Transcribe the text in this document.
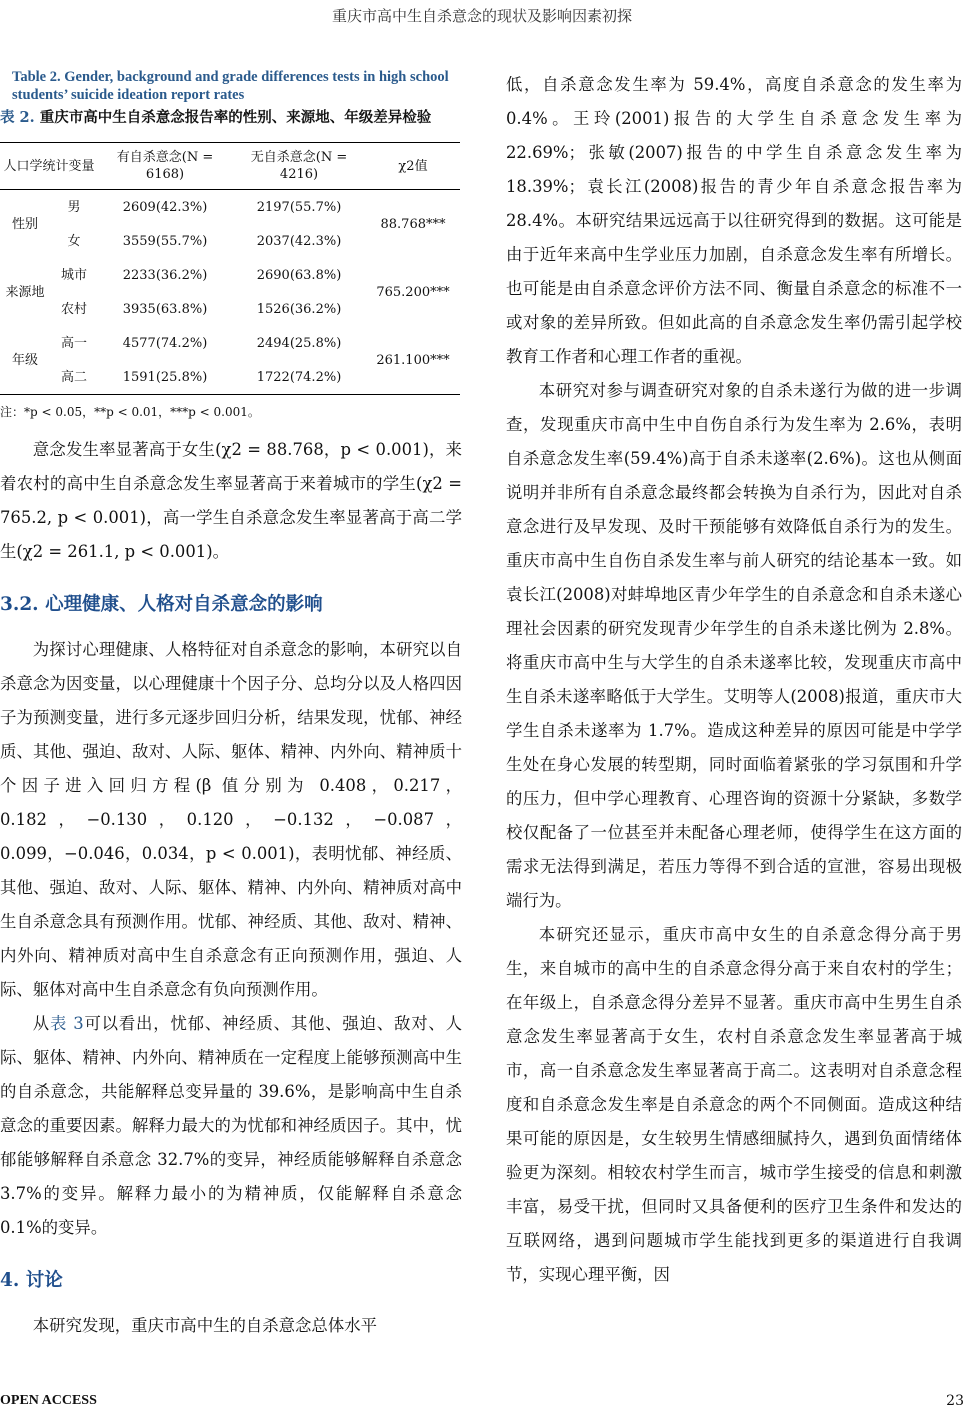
重庆市高中生自杀意念的现状及影响因素初探
Table 2. Gender, background and grade differences tests in high school students’ suicide ideation report rates
表 2. 重庆市高中生自杀意念报告率的性别、来源地、年级差异检验
人口学统计变量		有自杀意念(N = 6168)	无自杀意念(N = 4216)	χ2值
性别	男	2609(42.3%)	2197(55.7%)	88.768***
	女	3559(55.7%)	2037(42.3%)	
来源地	城市	2233(36.2%)	2690(63.8%)	765.200***
	农村	3935(63.8%)	1526(36.2%)	
年级	高一	4577(74.2%)	2494(25.8%)	261.100***
	高二	1591(25.8%)	1722(74.2%)	
注：*p < 0.05，**p < 0.01，***p < 0.001。

意念发生率显著高于女生(χ2 = 88.768，p < 0.001)，来着农村的高中生自杀意念发生率显著高于来着城市的学生(χ2 = 765.2, p < 0.001)，高一学生自杀意念发生率显著高于高二学生(χ2 = 261.1, p < 0.001)。

3.2. 心理健康、人格对自杀意念的影响

为探讨心理健康、人格特征对自杀意念的影响，本研究以自杀意念为因变量，以心理健康十个因子分、总均分以及人格四因子为预测变量，进行多元逐步回归分析，结果发现，忧郁、神经质、其他、强迫、敌对、人际、躯体、精神、内外向、精神质十个因子进入回归方程(β 值分别为 0.408，0.217，0.182，−0.130，0.120，−0.132，−0.087，0.099，−0.046，0.034，p < 0.001)，表明忧郁、神经质、其他、强迫、敌对、人际、躯体、精神、内外向、精神质对高中生自杀意念具有预测作用。忧郁、神经质、其他、敌对、精神、内外向、精神质对高中生自杀意念有正向预测作用，强迫、人际、躯体对高中生自杀意念有负向预测作用。

从表 3可以看出，忧郁、神经质、其他、强迫、敌对、人际、躯体、精神、内外向、精神质在一定程度上能够预测高中生的自杀意念，共能解释总变异量的 39.6%，是影响高中生自杀意念的重要因素。解释力最大的为忧郁和神经质因子。其中，忧郁能够解释自杀意念 32.7%的变异，神经质能够解释自杀意念3.7%的变异。解释力最小的为精神质，仅能解释自杀意念 0.1%的变异。

4. 讨论

本研究发现，重庆市高中生的自杀意念总体水平

低，自杀意念发生率为 59.4%，高度自杀意念的发生率为 0.4%。王玲(2001)报告的大学生自杀意念发生率为 22.69%；张敏(2007)报告的中学生自杀意念发生率为 18.39%；袁长江(2008)报告的青少年自杀意念报告率为 28.4%。本研究结果远远高于以往研究得到的数据。这可能是由于近年来高中生学业压力加剧，自杀意念发生率有所增长。也可能是由自杀意念评价方法不同、衡量自杀意念的标准不一或对象的差异所致。但如此高的自杀意念发生率仍需引起学校教育工作者和心理工作者的重视。

本研究对参与调查研究对象的自杀未遂行为做的进一步调查，发现重庆市高中生中自伤自杀行为发生率为 2.6%，表明自杀意念发生率(59.4%)高于自杀未遂率(2.6%)。这也从侧面说明并非所有自杀意念最终都会转换为自杀行为，因此对自杀意念进行及早发现、及时干预能够有效降低自杀行为的发生。重庆市高中生自伤自杀发生率与前人研究的结论基本一致。如袁长江(2008)对蚌埠地区青少年学生的自杀意念和自杀未遂心理社会因素的研究发现青少年学生的自杀未遂比例为 2.8%。将重庆市高中生与大学生的自杀未遂率比较，发现重庆市高中生自杀未遂率略低于大学生。艾明等人(2008)报道，重庆市大学生自杀未遂率为 1.7%。造成这种差异的原因可能是中学学生处在身心发展的转型期，同时面临着紧张的学习氛围和升学的压力，但中学心理教育、心理咨询的资源十分紧缺，多数学校仅配备了一位甚至并未配备心理老师，使得学生在这方面的需求无法得到满足，若压力等得不到合适的宣泄，容易出现极端行为。

本研究还显示，重庆市高中女生的自杀意念得分高于男生，来自城市的高中生的自杀意念得分高于来自农村的学生；在年级上，自杀意念得分差异不显著。重庆市高中生男生自杀意念发生率显著高于女生，农村自杀意念发生率显著高于城市，高一自杀意念发生率显著高于高二。这表明对自杀意念程度和自杀意念发生率是自杀意念的两个不同侧面。造成这种结果可能的原因是，女生较男生情感细腻持久，遇到负面情绪体验更为深刻。相较农村学生而言，城市学生接受的信息和刺激丰富，易受干扰，但同时又具备便利的医疗卫生条件和发达的互联网络，遇到问题城市学生能找到更多的渠道进行自我调节，实现心理平衡，因

OPEN ACCESS	23
